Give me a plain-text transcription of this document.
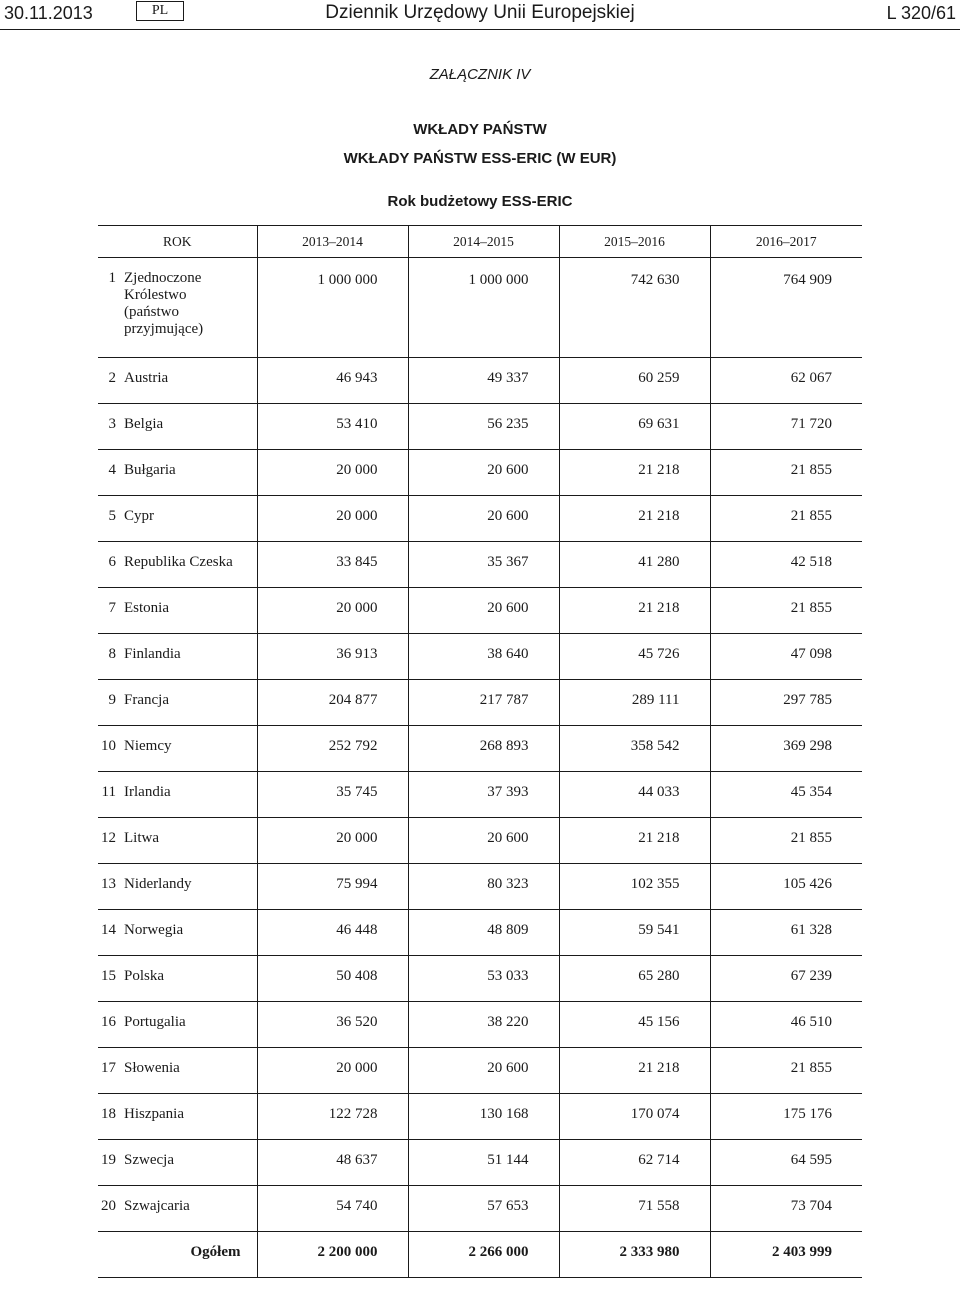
30.11.2013	PL	Dziennik Urzędowy Unii Europejskiej	L 320/61
ZAŁĄCZNIK IV
WKŁADY PAŃSTW
WKŁADY PAŃSTW ESS-ERIC (W EUR)
Rok budżetowy ESS-ERIC
ROK	2013–2014	2014–2015	2015–2016	2016–2017
1 Zjednoczone Królestwo (państwo przyjmujące)	1 000 000	1 000 000	742 630	764 909
2 Austria	46 943	49 337	60 259	62 067
3 Belgia	53 410	56 235	69 631	71 720
4 Bułgaria	20 000	20 600	21 218	21 855
5 Cypr	20 000	20 600	21 218	21 855
6 Republika Czeska	33 845	35 367	41 280	42 518
7 Estonia	20 000	20 600	21 218	21 855
8 Finlandia	36 913	38 640	45 726	47 098
9 Francja	204 877	217 787	289 111	297 785
10 Niemcy	252 792	268 893	358 542	369 298
11 Irlandia	35 745	37 393	44 033	45 354
12 Litwa	20 000	20 600	21 218	21 855
13 Niderlandy	75 994	80 323	102 355	105 426
14 Norwegia	46 448	48 809	59 541	61 328
15 Polska	50 408	53 033	65 280	67 239
16 Portugalia	36 520	38 220	45 156	46 510
17 Słowenia	20 000	20 600	21 218	21 855
18 Hiszpania	122 728	130 168	170 074	175 176
19 Szwecja	48 637	51 144	62 714	64 595
20 Szwajcaria	54 740	57 653	71 558	73 704
Ogółem	2 200 000	2 266 000	2 333 980	2 403 999
